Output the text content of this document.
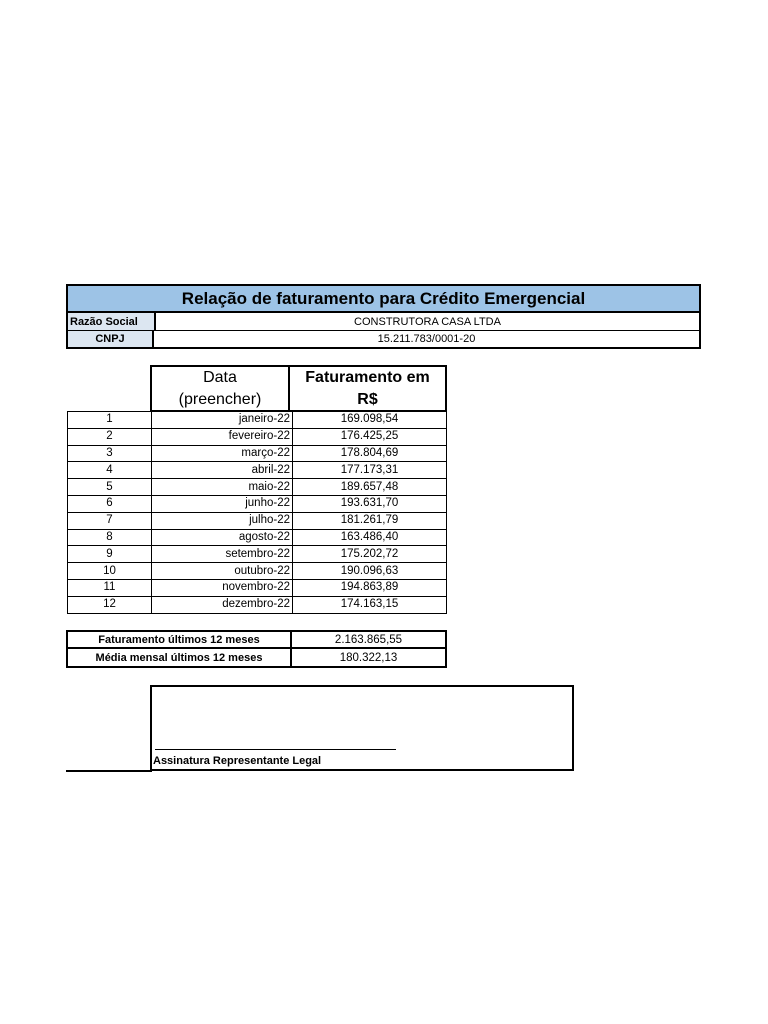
Relação de faturamento para Crédito Emergencial
Razão Social	CONSTRUTORA CASA LTDA
CNPJ	15.211.783/0001-20
Data
(preencher)
Faturamento em
R$
1	janeiro-22	169.098,54
2	fevereiro-22	176.425,25
3	março-22	178.804,69
4	abril-22	177.173,31
5	maio-22	189.657,48
6	junho-22	193.631,70
7	julho-22	181.261,79
8	agosto-22	163.486,40
9	setembro-22	175.202,72
10	outubro-22	190.096,63
11	novembro-22	194.863,89
12	dezembro-22	174.163,15
Faturamento últimos 12 meses	2.163.865,55
Média mensal últimos 12 meses	180.322,13
Assinatura Representante Legal
